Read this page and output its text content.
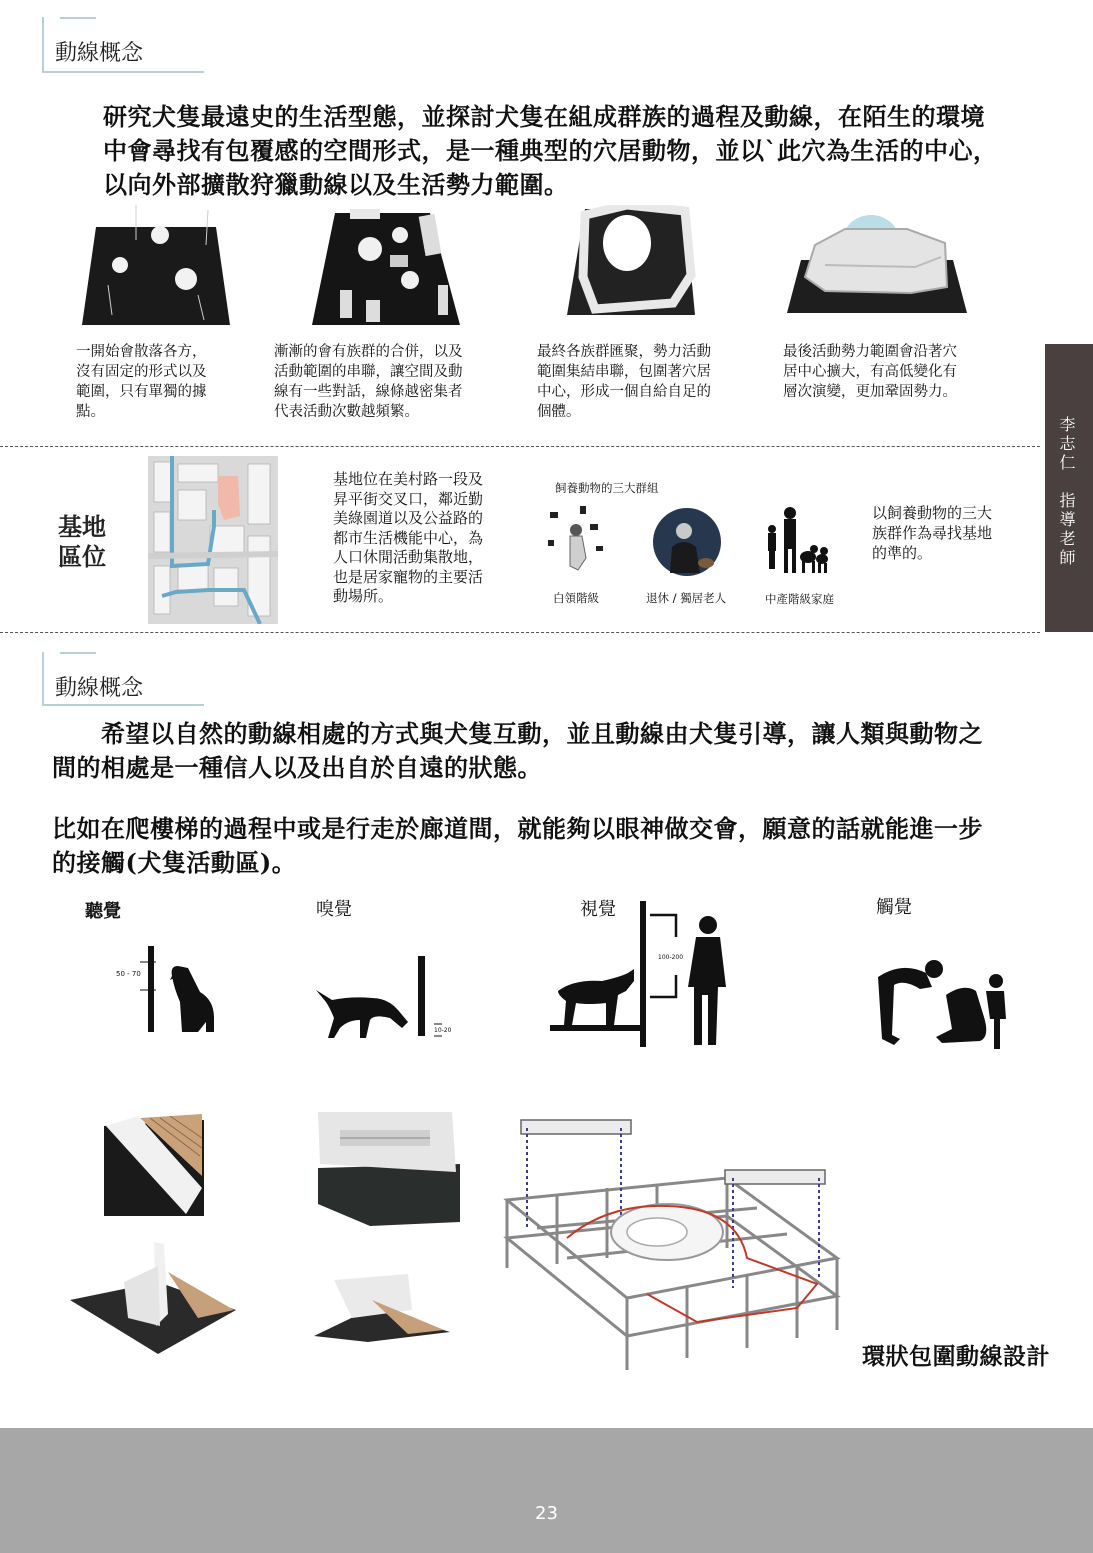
動線概念
研究犬隻最遠史的生活型態，並探討犬隻在組成群族的過程及動線，在陌生的環境
中會尋找有包覆感的空間形式，是一種典型的穴居動物，並以`此穴為生活的中心，
以向外部擴散狩獵動線以及生活勢力範圍。
一開始會散落各方，
沒有固定的形式以及
範圍，只有單獨的據
點。
漸漸的會有族群的合併，以及
活動範圍的串聯，讓空間及動
線有一些對話，線條越密集者
代表活動次數越頻繁。
最終各族群匯聚，勢力活動
範圍集結串聯，包圍著穴居
中心，形成一個自給自足的
個體。
最後活動勢力範圍會沿著穴
居中心擴大，有高低變化有
層次演變，更加鞏固勢力。
李志仁
指導老師
基地
區位
基地位在美村路一段及
昇平街交叉口，鄰近勤
美綠園道以及公益路的
都市生活機能中心，為
人口休閒活動集散地，
也是居家寵物的主要活
動場所。
飼養動物的三大群組
白領階級	退休 / 獨居老人	中產階級家庭
以飼養動物的三大
族群作為尋找基地
的準的。
動線概念
　　希望以自然的動線相處的方式與犬隻互動，並且動線由犬隻引導，讓人類與動物之
間的相處是一種信人以及出自於自遠的狀態。
比如在爬樓梯的過程中或是行走於廊道間，就能夠以眼神做交會，願意的話就能進一步
的接觸(犬隻活動區)。
聽覺	嗅覺	視覺	觸覺
50 - 70
10-20
100-200
環狀包圍動線設計
23
